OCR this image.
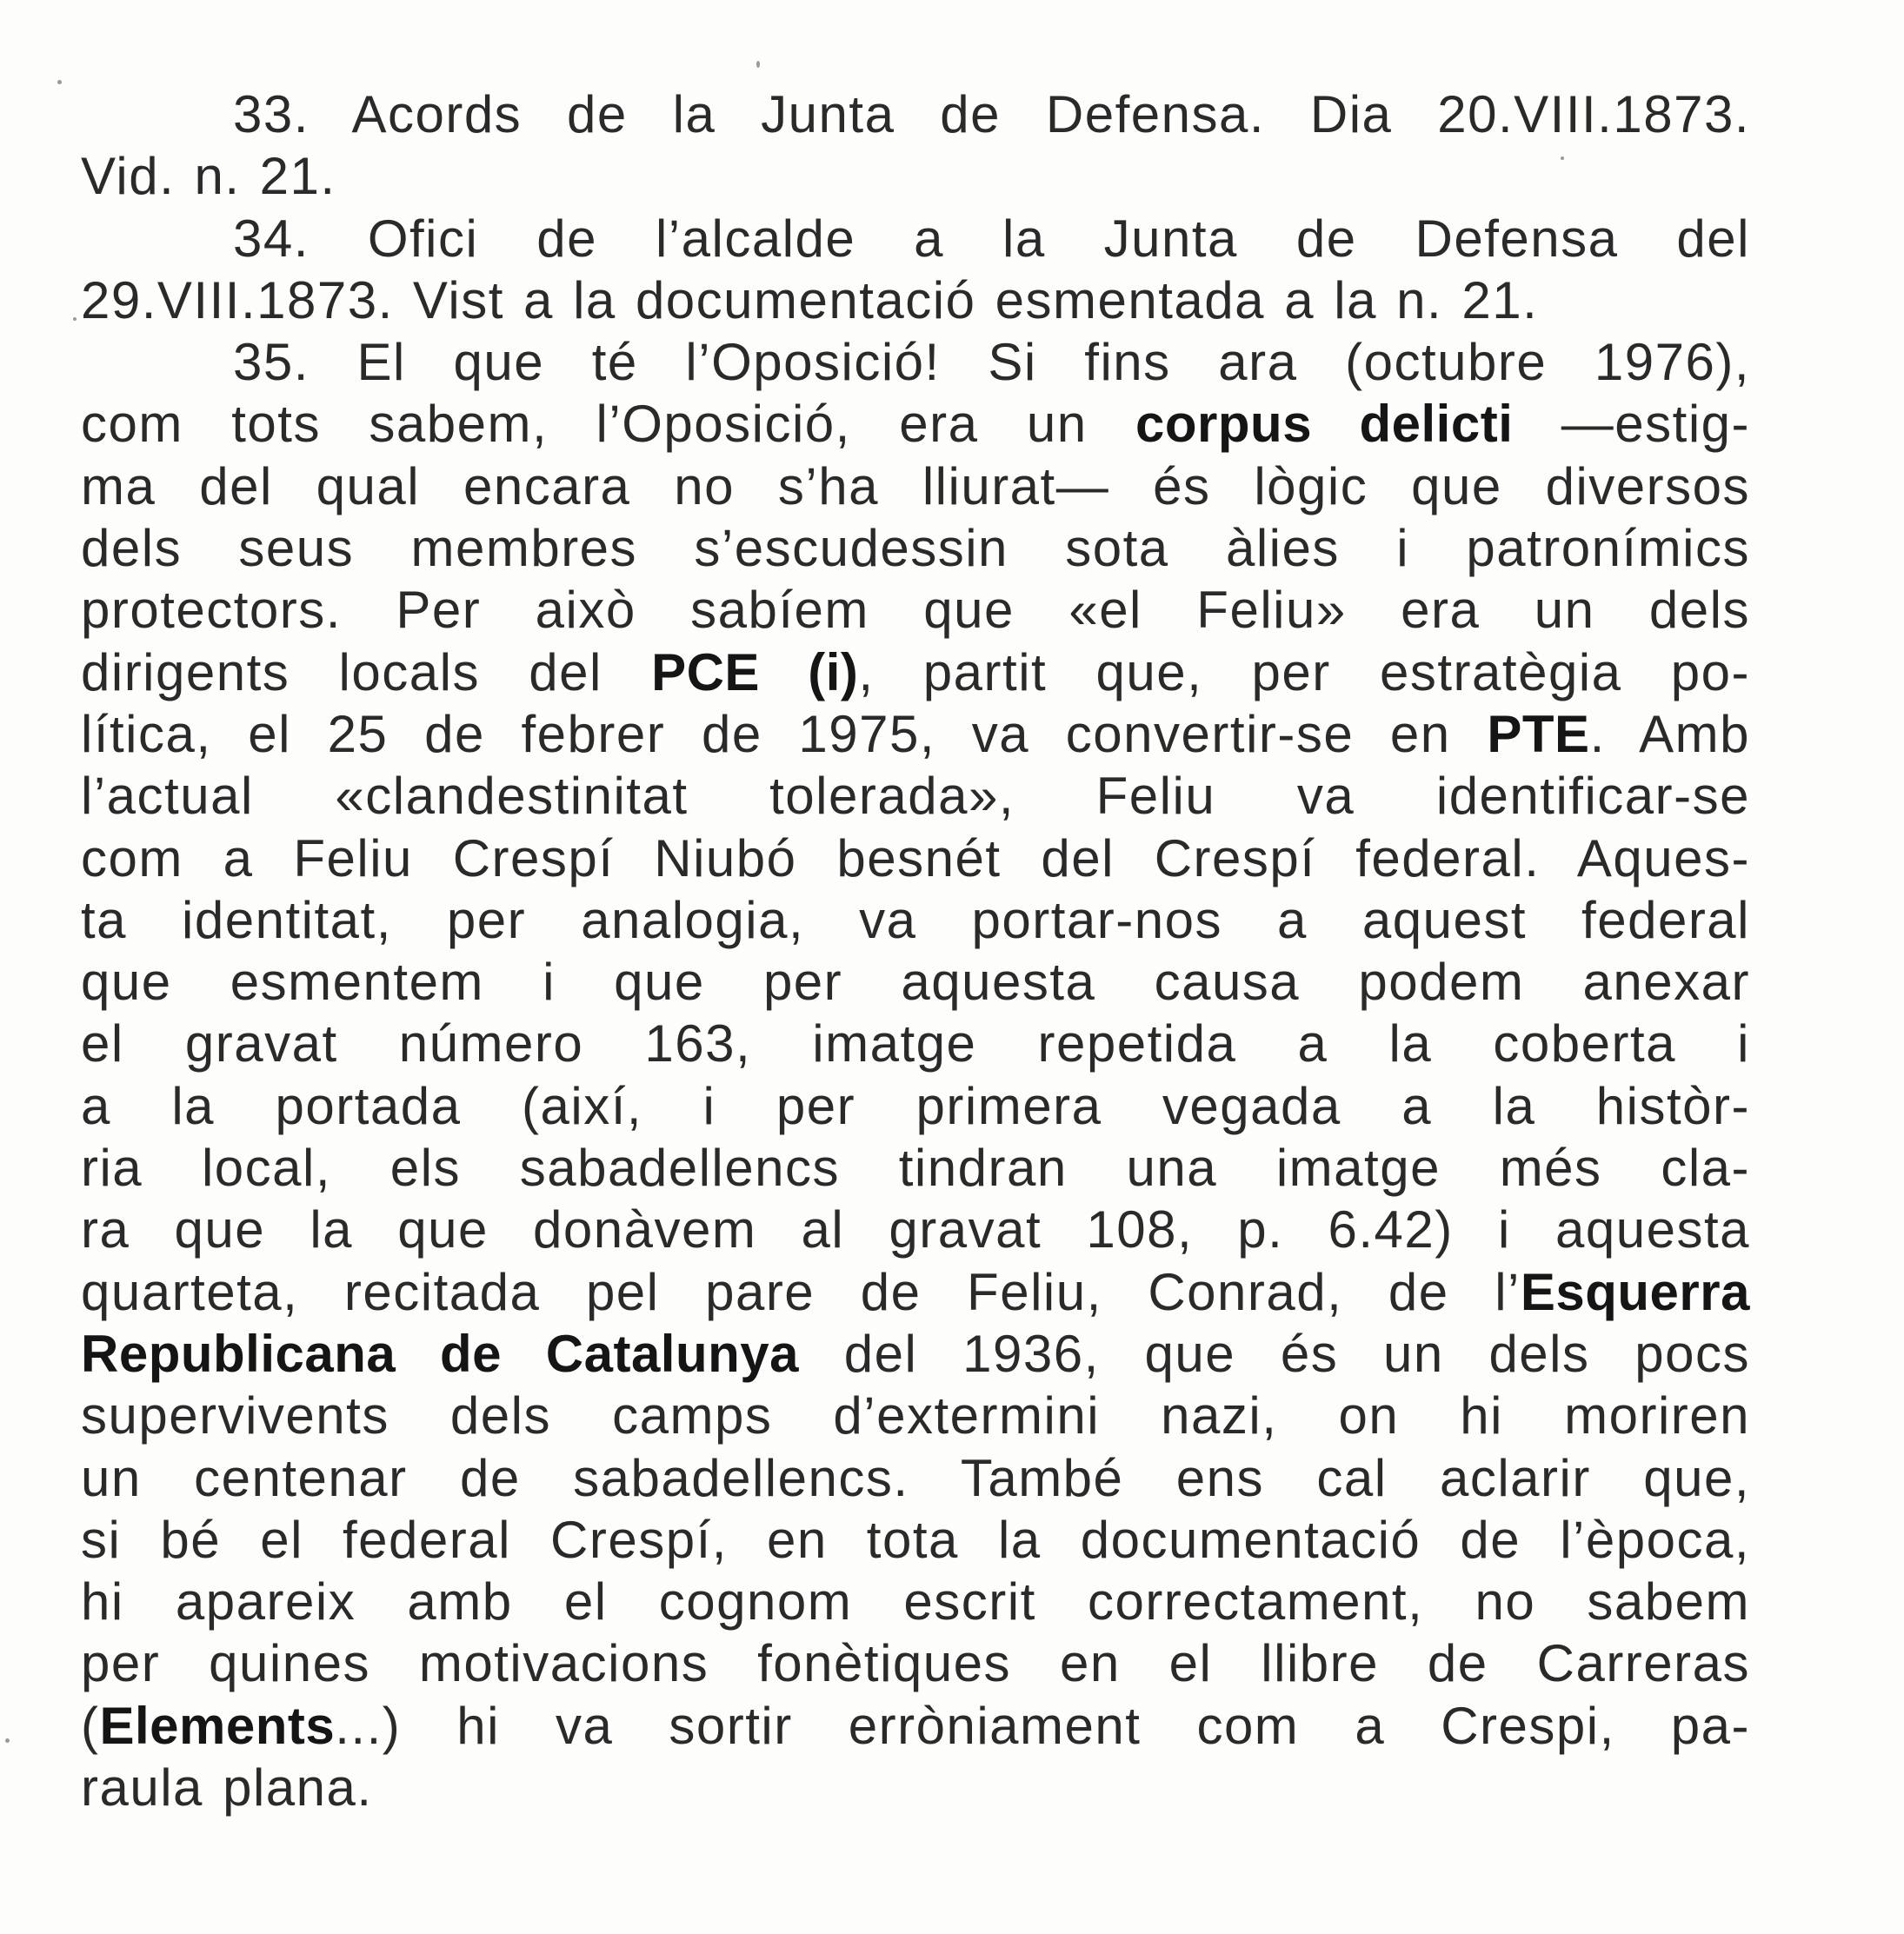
33. Acords de la Junta de Defensa. Dia 20.VIII.1873.
Vid. n. 21.
34. Ofici de l’alcalde a la Junta de Defensa del
29.VIII.1873. Vist a la documentació esmentada a la n. 21.
35. El que té l’Oposició! Si fins ara (octubre 1976),
com tots sabem, l’Oposició, era un corpus delicti —estig-
ma del qual encara no s’ha lliurat— és lògic que diversos
dels seus membres s’escudessin sota àlies i patronímics
protectors. Per això sabíem que «el Feliu» era un dels
dirigents locals del PCE (i), partit que, per estratègia po-
lítica, el 25 de febrer de 1975, va convertir-se en PTE. Amb
l’actual «clandestinitat tolerada», Feliu va identificar-se
com a Feliu Crespí Niubó besnét del Crespí federal. Aques-
ta identitat, per analogia, va portar-nos a aquest federal
que esmentem i que per aquesta causa podem anexar
el gravat número 163, imatge repetida a la coberta i
a la portada (així, i per primera vegada a la històr-
ria local, els sabadellencs tindran una imatge més cla-
ra que la que donàvem al gravat 108, p. 6.42) i aquesta
quarteta, recitada pel pare de Feliu, Conrad, de l’Esquerra
Republicana de Catalunya del 1936, que és un dels pocs
supervivents dels camps d’extermini nazi, on hi moriren
un centenar de sabadellencs. També ens cal aclarir que,
si bé el federal Crespí, en tota la documentació de l’època,
hi apareix amb el cognom escrit correctament, no sabem
per quines motivacions fonètiques en el llibre de Carreras
(Elements...) hi va sortir erròniament com a Crespi, pa-
raula plana.
